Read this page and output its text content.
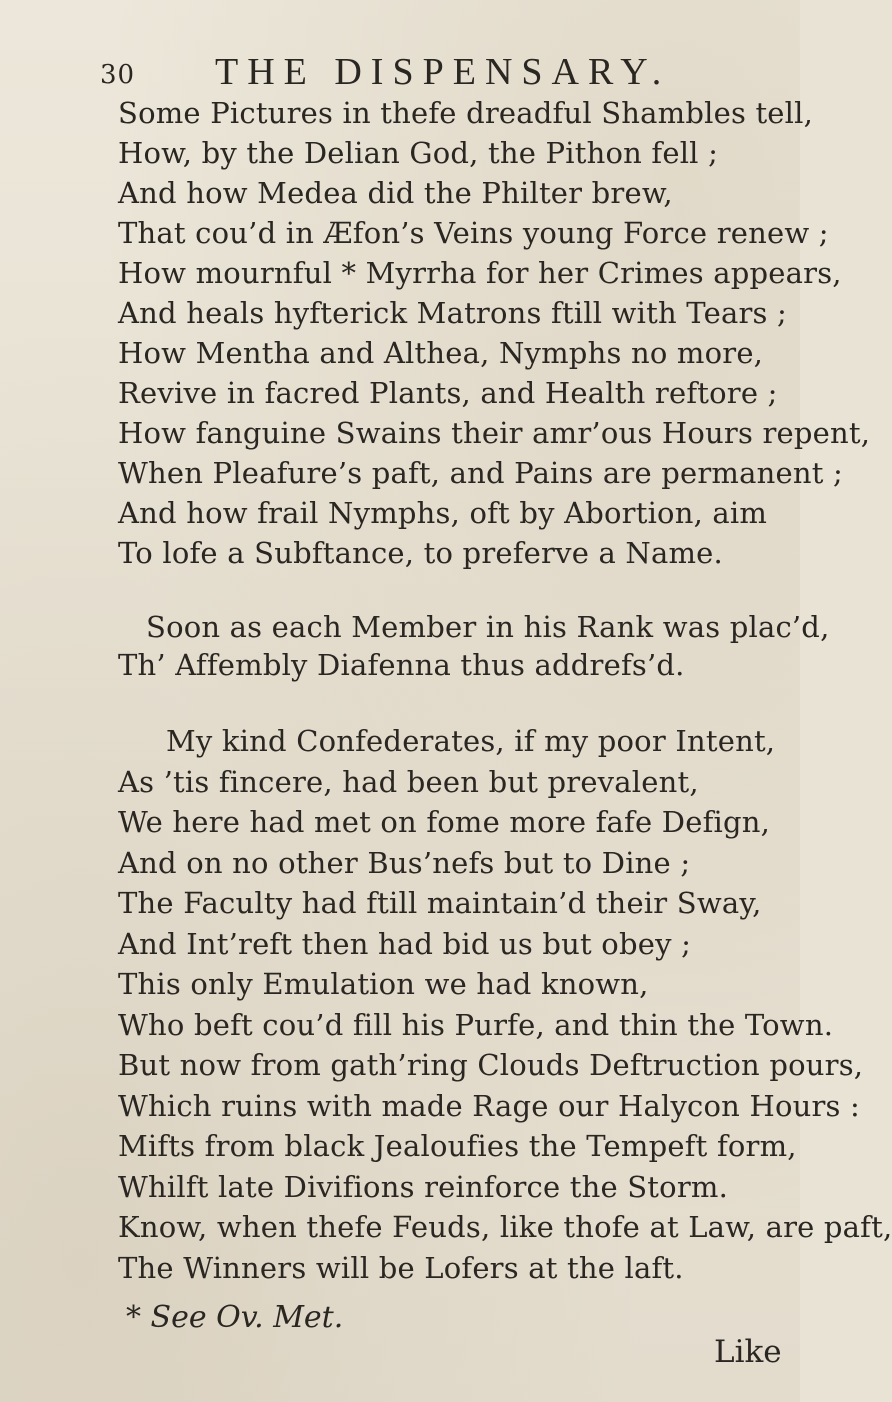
30 THE DISPENSARY.
Some Pictures in thefe dreadful Shambles tell,
How, by the Delian God, the Pithon fell ;
And how Medea did the Philter brew,
That cou’d in Æfon’s Veins young Force renew ;
How mournful * Myrrha for her Crimes appears,
And heals hyfterick Matrons ftill with Tears ;
How Mentha and Althea, Nymphs no more,
Revive in facred Plants, and Health reftore ;
How fanguine Swains their amr’ous Hours repent,
When Pleafure’s paft, and Pains are permanent ;
And how frail Nymphs, oft by Abortion, aim
To lofe a Subftance, to preferve a Name.
Soon as each Member in his Rank was plac’d,
Th’ Affembly Diafenna thus addrefs’d.
My kind Confederates, if my poor Intent,
As ’tis fincere, had been but prevalent,
We here had met on fome more fafe Defign,
And on no other Bus’nefs but to Dine ;
The Faculty had ftill maintain’d their Sway,
And Int’reft then had bid us but obey ;
This only Emulation we had known,
Who beft cou’d fill his Purfe, and thin the Town.
But now from gath’ring Clouds Deftruction pours,
Which ruins with made Rage our Halycon Hours :
Mifts from black Jealoufies the Tempeft form,
Whilft late Divifions reinforce the Storm.
Know, when thefe Feuds, like thofe at Law, are paft,
The Winners will be Lofers at the laft.
* See Ov. Met.
Like
